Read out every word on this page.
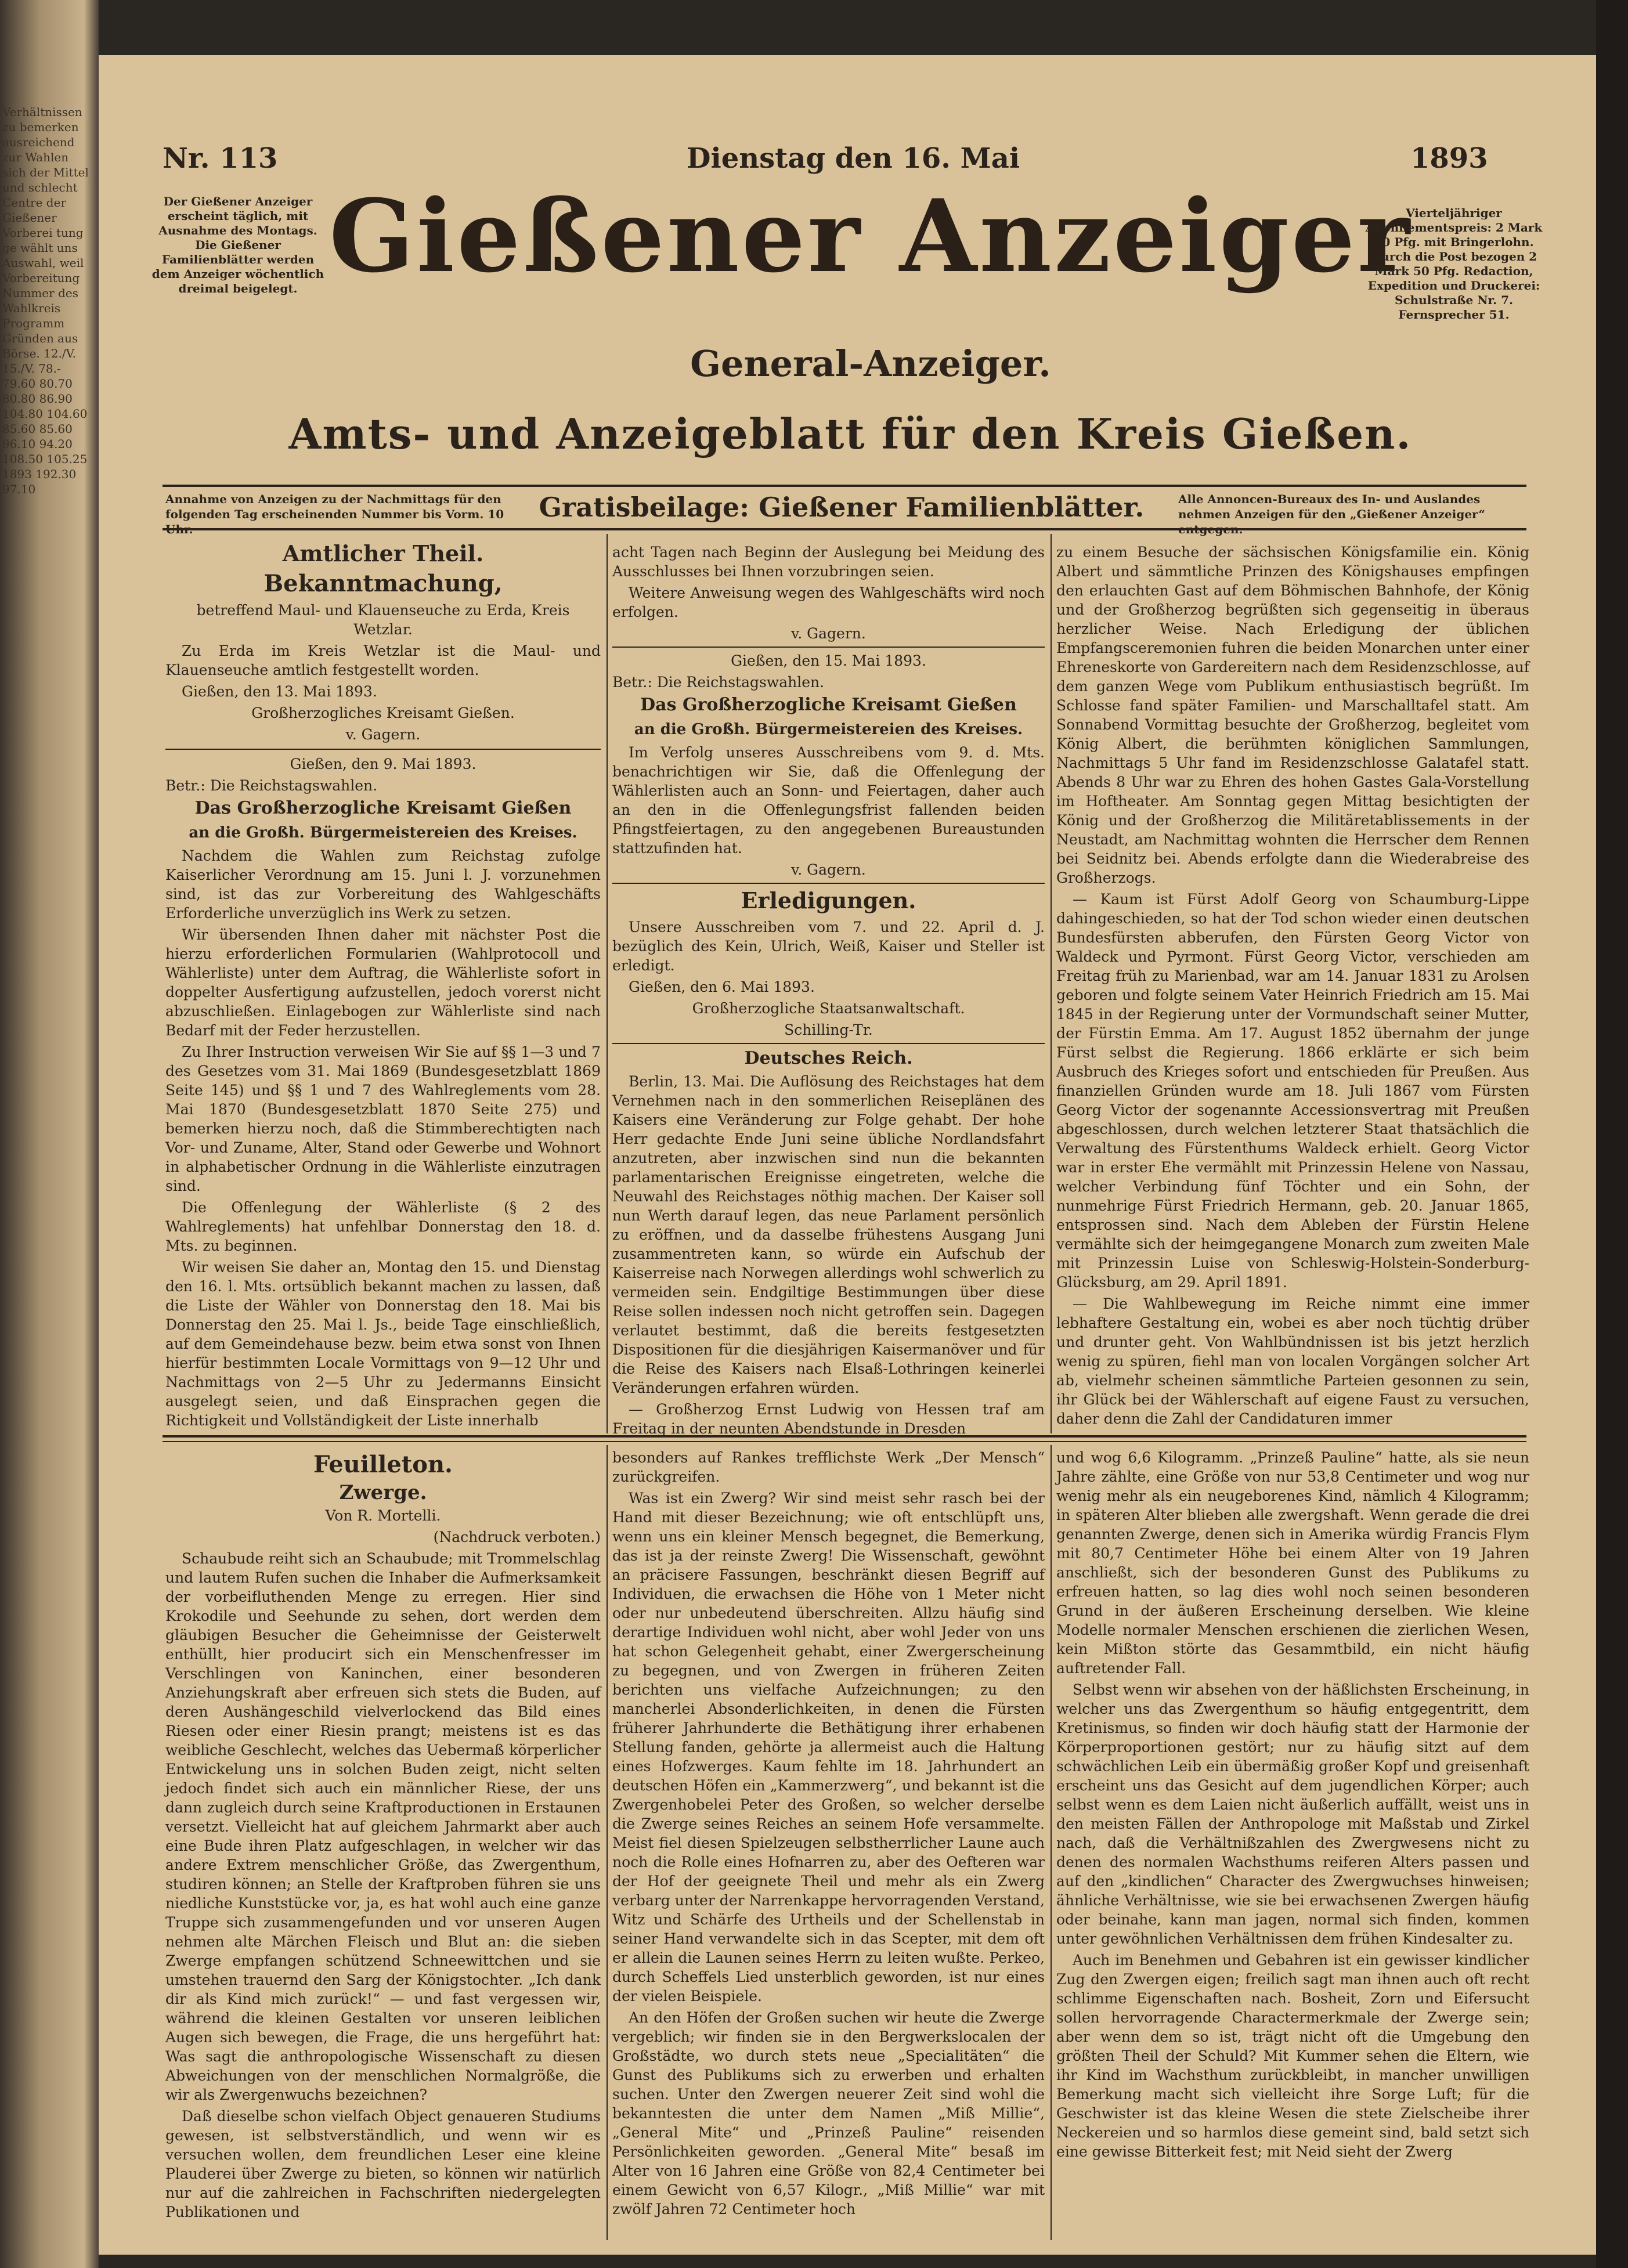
Verhältnissen zu bemerken ausreichend zur Wahlen sich der Mittel und schlecht Centre der Gießener Vorberei tung ge wählt uns Auswahl, weil Vorbereitung Nummer des Wahlkreis Programm Gründen aus Börse. 12./V. 15./V. 78.- 79.60 80.70 80.80 86.90 104.80 104.60 85.60 85.60 96.10 94.20 108.50 105.25 1893 192.30 97.10
Nr. 113	Dienstag den 16. Mai	1893
Der Gießener Anzeiger erscheint täglich, mit Ausnahme des Montags. Die Gießener Familienblätter werden dem Anzeiger wöchentlich dreimal beigelegt. Gießener Anzeiger
Vierteljähriger Abonnementspreis: 2 Mark 20 Pfg. mit Bringerlohn. Durch die Post bezogen 2 Mark 50 Pfg. Redaction, Expedition und Druckerei: Schulstraße Nr. 7. Fernsprecher 51.
General-Anzeiger.
Amts- und Anzeigeblatt für den Kreis Gießen.
Annahme von Anzeigen zu der Nachmittags für den folgenden Tag erscheinenden Nummer bis Vorm. 10 Uhr.
Gratisbeilage: Gießener Familienblätter.	Alle Annoncen-Bureaux des In- und Auslandes nehmen Anzeigen für den „Gießener Anzeiger“ entgegen.
Amtlicher Theil.
Bekanntmachung,

betreffend Maul- und Klauenseuche zu Erda, Kreis Wetzlar.

Zu Erda im Kreis Wetzlar ist die Maul- und Klauenseuche amtlich festgestellt worden.

Gießen, den 13. Mai 1893.

Großherzogliches Kreisamt Gießen.

v. Gagern.

Gießen, den 9. Mai 1893.

Betr.: Die Reichstagswahlen.

Das Großherzogliche Kreisamt Gießen
an die Großh. Bürgermeistereien des Kreises.

Nachdem die Wahlen zum Reichstag zufolge Kaiserlicher Verordnung am 15. Juni l. J. vorzunehmen sind, ist das zur Vorbereitung des Wahlgeschäfts Erforderliche unverzüglich ins Werk zu setzen.

Wir übersenden Ihnen daher mit nächster Post die hierzu erforderlichen Formularien (Wahlprotocoll und Wählerliste) unter dem Auftrag, die Wählerliste sofort in doppelter Ausfertigung aufzustellen, jedoch vorerst nicht abzuschließen. Einlagebogen zur Wählerliste sind nach Bedarf mit der Feder herzustellen.

Zu Ihrer Instruction verweisen Wir Sie auf §§ 1—3 und 7 des Gesetzes vom 31. Mai 1869 (Bundesgesetzblatt 1869 Seite 145) und §§ 1 und 7 des Wahlreglements vom 28. Mai 1870 (Bundesgesetzblatt 1870 Seite 275) und bemerken hierzu noch, daß die Stimmberechtigten nach Vor- und Zuname, Alter, Stand oder Gewerbe und Wohnort in alphabetischer Ordnung in die Wählerliste einzutragen sind.

Die Offenlegung der Wählerliste (§ 2 des Wahlreglements) hat unfehlbar Donnerstag den 18. d. Mts. zu beginnen.

Wir weisen Sie daher an, Montag den 15. und Dienstag den 16. l. Mts. ortsüblich bekannt machen zu lassen, daß die Liste der Wähler von Donnerstag den 18. Mai bis Donnerstag den 25. Mai l. Js., beide Tage einschließlich, auf dem Gemeindehause bezw. beim etwa sonst von Ihnen hierfür bestimmten Locale Vormittags von 9—12 Uhr und Nachmittags von 2—5 Uhr zu Jedermanns Einsicht ausgelegt seien, und daß Einsprachen gegen die Richtigkeit und Vollständigkeit der Liste innerhalb

acht Tagen nach Beginn der Auslegung bei Meidung des Ausschlusses bei Ihnen vorzubringen seien.

Weitere Anweisung wegen des Wahlgeschäfts wird noch erfolgen.

v. Gagern.

Gießen, den 15. Mai 1893.

Betr.: Die Reichstagswahlen.

Das Großherzogliche Kreisamt Gießen
an die Großh. Bürgermeistereien des Kreises.

Im Verfolg unseres Ausschreibens vom 9. d. Mts. benachrichtigen wir Sie, daß die Offenlegung der Wählerlisten auch an Sonn- und Feiertagen, daher auch an den in die Offenlegungsfrist fallenden beiden Pfingstfeiertagen, zu den angegebenen Bureaustunden stattzufinden hat.

v. Gagern.

Erledigungen.

Unsere Ausschreiben vom 7. und 22. April d. J. bezüglich des Kein, Ulrich, Weiß, Kaiser und Steller ist erledigt.

Gießen, den 6. Mai 1893.

Großherzogliche Staatsanwaltschaft.

Schilling-Tr.

Deutsches Reich.

Berlin, 13. Mai. Die Auflösung des Reichstages hat dem Vernehmen nach in den sommerlichen Reiseplänen des Kaisers eine Veränderung zur Folge gehabt. Der hohe Herr gedachte Ende Juni seine übliche Nordlandsfahrt anzutreten, aber inzwischen sind nun die bekannten parlamentarischen Ereignisse eingetreten, welche die Neuwahl des Reichstages nöthig machen. Der Kaiser soll nun Werth darauf legen, das neue Parlament persönlich zu eröffnen, und da dasselbe frühestens Ausgang Juni zusammentreten kann, so würde ein Aufschub der Kaiserreise nach Norwegen allerdings wohl schwerlich zu vermeiden sein. Endgiltige Bestimmungen über diese Reise sollen indessen noch nicht getroffen sein. Dagegen verlautet bestimmt, daß die bereits festgesetzten Dispositionen für die diesjährigen Kaisermanöver und für die Reise des Kaisers nach Elsaß-Lothringen keinerlei Veränderungen erfahren würden.

— Großherzog Ernst Ludwig von Hessen traf am Freitag in der neunten Abendstunde in Dresden

zu einem Besuche der sächsischen Königsfamilie ein. König Albert und sämmtliche Prinzen des Königshauses empfingen den erlauchten Gast auf dem Böhmischen Bahnhofe, der König und der Großherzog begrüßten sich gegenseitig in überaus herzlicher Weise. Nach Erledigung der üblichen Empfangsceremonien fuhren die beiden Monarchen unter einer Ehreneskorte von Gardereitern nach dem Residenzschlosse, auf dem ganzen Wege vom Publikum enthusiastisch begrüßt. Im Schlosse fand später Familien- und Marschalltafel statt. Am Sonnabend Vormittag besuchte der Großherzog, begleitet vom König Albert, die berühmten königlichen Sammlungen, Nachmittags 5 Uhr fand im Residenzschlosse Galatafel statt. Abends 8 Uhr war zu Ehren des hohen Gastes Gala-Vorstellung im Hoftheater. Am Sonntag gegen Mittag besichtigten der König und der Großherzog die Militäretablissements in der Neustadt, am Nachmittag wohnten die Herrscher dem Rennen bei Seidnitz bei. Abends erfolgte dann die Wiederabreise des Großherzogs.

— Kaum ist Fürst Adolf Georg von Schaumburg-Lippe dahingeschieden, so hat der Tod schon wieder einen deutschen Bundesfürsten abberufen, den Fürsten Georg Victor von Waldeck und Pyrmont. Fürst Georg Victor, verschieden am Freitag früh zu Marienbad, war am 14. Januar 1831 zu Arolsen geboren und folgte seinem Vater Heinrich Friedrich am 15. Mai 1845 in der Regierung unter der Vormundschaft seiner Mutter, der Fürstin Emma. Am 17. August 1852 übernahm der junge Fürst selbst die Regierung. 1866 erklärte er sich beim Ausbruch des Krieges sofort und entschieden für Preußen. Aus finanziellen Gründen wurde am 18. Juli 1867 vom Fürsten Georg Victor der sogenannte Accessionsvertrag mit Preußen abgeschlossen, durch welchen letzterer Staat thatsächlich die Verwaltung des Fürstenthums Waldeck erhielt. Georg Victor war in erster Ehe vermählt mit Prinzessin Helene von Nassau, welcher Verbindung fünf Töchter und ein Sohn, der nunmehrige Fürst Friedrich Hermann, geb. 20. Januar 1865, entsprossen sind. Nach dem Ableben der Fürstin Helene vermählte sich der heimgegangene Monarch zum zweiten Male mit Prinzessin Luise von Schleswig-Holstein-Sonderburg-Glücksburg, am 29. April 1891.

— Die Wahlbewegung im Reiche nimmt eine immer lebhaftere Gestaltung ein, wobei es aber noch tüchtig drüber und drunter geht. Von Wahlbündnissen ist bis jetzt herzlich wenig zu spüren, fiehl man von localen Vorgängen solcher Art ab, vielmehr scheinen sämmtliche Parteien gesonnen zu sein, ihr Glück bei der Wählerschaft auf eigene Faust zu versuchen, daher denn die Zahl der Candidaturen immer

Feuilleton.
Zwerge.

Von R. Mortelli.

(Nachdruck verboten.)

Schaubude reiht sich an Schaubude; mit Trommelschlag und lautem Rufen suchen die Inhaber die Aufmerksamkeit der vorbeifluthenden Menge zu erregen. Hier sind Krokodile und Seehunde zu sehen, dort werden dem gläubigen Besucher die Geheimnisse der Geisterwelt enthüllt, hier producirt sich ein Menschenfresser im Verschlingen von Kaninchen, einer besonderen Anziehungskraft aber erfreuen sich stets die Buden, auf deren Aushängeschild vielverlockend das Bild eines Riesen oder einer Riesin prangt; meistens ist es das weibliche Geschlecht, welches das Uebermaß körperlicher Entwickelung uns in solchen Buden zeigt, nicht selten jedoch findet sich auch ein männlicher Riese, der uns dann zugleich durch seine Kraftproductionen in Erstaunen versetzt. Vielleicht hat auf gleichem Jahrmarkt aber auch eine Bude ihren Platz aufgeschlagen, in welcher wir das andere Extrem menschlicher Größe, das Zwergenthum, studiren können; an Stelle der Kraftproben führen sie uns niedliche Kunststücke vor, ja, es hat wohl auch eine ganze Truppe sich zusammengefunden und vor unseren Augen nehmen alte Märchen Fleisch und Blut an: die sieben Zwerge empfangen schützend Schneewittchen und sie umstehen trauernd den Sarg der Königstochter. „Ich dank dir als Kind mich zurück!“ — und fast vergessen wir, während die kleinen Gestalten vor unseren leiblichen Augen sich bewegen, die Frage, die uns hergeführt hat: Was sagt die anthropologische Wissenschaft zu diesen Abweichungen von der menschlichen Normalgröße, die wir als Zwergenwuchs bezeichnen?

Daß dieselbe schon vielfach Object genaueren Studiums gewesen, ist selbstverständlich, und wenn wir es versuchen wollen, dem freundlichen Leser eine kleine Plauderei über Zwerge zu bieten, so können wir natürlich nur auf die zahlreichen in Fachschriften niedergelegten Publikationen und

besonders auf Rankes trefflichste Werk „Der Mensch“ zurückgreifen.

Was ist ein Zwerg? Wir sind meist sehr rasch bei der Hand mit dieser Bezeichnung; wie oft entschlüpft uns, wenn uns ein kleiner Mensch begegnet, die Bemerkung, das ist ja der reinste Zwerg! Die Wissenschaft, gewöhnt an präcisere Fassungen, beschränkt diesen Begriff auf Individuen, die erwachsen die Höhe von 1 Meter nicht oder nur unbedeutend überschreiten. Allzu häufig sind derartige Individuen wohl nicht, aber wohl Jeder von uns hat schon Gelegenheit gehabt, einer Zwergerscheinung zu begegnen, und von Zwergen in früheren Zeiten berichten uns vielfache Aufzeichnungen; zu den mancherlei Absonderlichkeiten, in denen die Fürsten früherer Jahrhunderte die Bethätigung ihrer erhabenen Stellung fanden, gehörte ja allermeist auch die Haltung eines Hofzwerges. Kaum fehlte im 18. Jahrhundert an deutschen Höfen ein „Kammerzwerg“, und bekannt ist die Zwergenhobelei Peter des Großen, so welcher derselbe die Zwerge seines Reiches an seinem Hofe versammelte. Meist fiel diesen Spielzeugen selbstherrlicher Laune auch noch die Rolle eines Hofnarren zu, aber des Oefteren war der Hof der geeignete Theil und mehr als ein Zwerg verbarg unter der Narrenkappe hervorragenden Verstand, Witz und Schärfe des Urtheils und der Schellenstab in seiner Hand verwandelte sich in das Scepter, mit dem oft er allein die Launen seines Herrn zu leiten wußte. Perkeo, durch Scheffels Lied unsterblich geworden, ist nur eines der vielen Beispiele.

An den Höfen der Großen suchen wir heute die Zwerge vergeblich; wir finden sie in den Bergwerkslocalen der Großstädte, wo durch stets neue „Specialitäten“ die Gunst des Publikums sich zu erwerben und erhalten suchen. Unter den Zwergen neuerer Zeit sind wohl die bekanntesten die unter dem Namen „Miß Millie“, „General Mite“ und „Prinzeß Pauline“ reisenden Persönlichkeiten geworden. „General Mite“ besaß im Alter von 16 Jahren eine Größe von 82,4 Centimeter bei einem Gewicht von 6,57 Kilogr., „Miß Millie“ war mit zwölf Jahren 72 Centimeter hoch

und wog 6,6 Kilogramm. „Prinzeß Pauline“ hatte, als sie neun Jahre zählte, eine Größe von nur 53,8 Centimeter und wog nur wenig mehr als ein neugeborenes Kind, nämlich 4 Kilogramm; in späteren Alter blieben alle zwergshaft. Wenn gerade die drei genannten Zwerge, denen sich in Amerika würdig Francis Flym mit 80,7 Centimeter Höhe bei einem Alter von 19 Jahren anschließt, sich der besonderen Gunst des Publikums zu erfreuen hatten, so lag dies wohl noch seinen besonderen Grund in der äußeren Erscheinung derselben. Wie kleine Modelle normaler Menschen erschienen die zierlichen Wesen, kein Mißton störte das Gesammtbild, ein nicht häufig auftretender Fall.

Selbst wenn wir absehen von der häßlichsten Erscheinung, in welcher uns das Zwergenthum so häufig entgegentritt, dem Kretinismus, so finden wir doch häufig statt der Harmonie der Körperproportionen gestört; nur zu häufig sitzt auf dem schwächlichen Leib ein übermäßig großer Kopf und greisenhaft erscheint uns das Gesicht auf dem jugendlichen Körper; auch selbst wenn es dem Laien nicht äußerlich auffällt, weist uns in den meisten Fällen der Anthropologe mit Maßstab und Zirkel nach, daß die Verhältnißzahlen des Zwergwesens nicht zu denen des normalen Wachsthums reiferen Alters passen und auf den „kindlichen“ Character des Zwergwuchses hinweisen; ähnliche Verhältnisse, wie sie bei erwachsenen Zwergen häufig oder beinahe, kann man jagen, normal sich finden, kommen unter gewöhnlichen Verhältnissen dem frühen Kindesalter zu.

Auch im Benehmen und Gebahren ist ein gewisser kindlicher Zug den Zwergen eigen; freilich sagt man ihnen auch oft recht schlimme Eigenschaften nach. Bosheit, Zorn und Eifersucht sollen hervorragende Charactermerkmale der Zwerge sein; aber wenn dem so ist, trägt nicht oft die Umgebung den größten Theil der Schuld? Mit Kummer sehen die Eltern, wie ihr Kind im Wachsthum zurückbleibt, in mancher unwilligen Bemerkung macht sich vielleicht ihre Sorge Luft; für die Geschwister ist das kleine Wesen die stete Zielscheibe ihrer Neckereien und so harmlos diese gemeint sind, bald setzt sich eine gewisse Bitterkeit fest; mit Neid sieht der Zwerg
